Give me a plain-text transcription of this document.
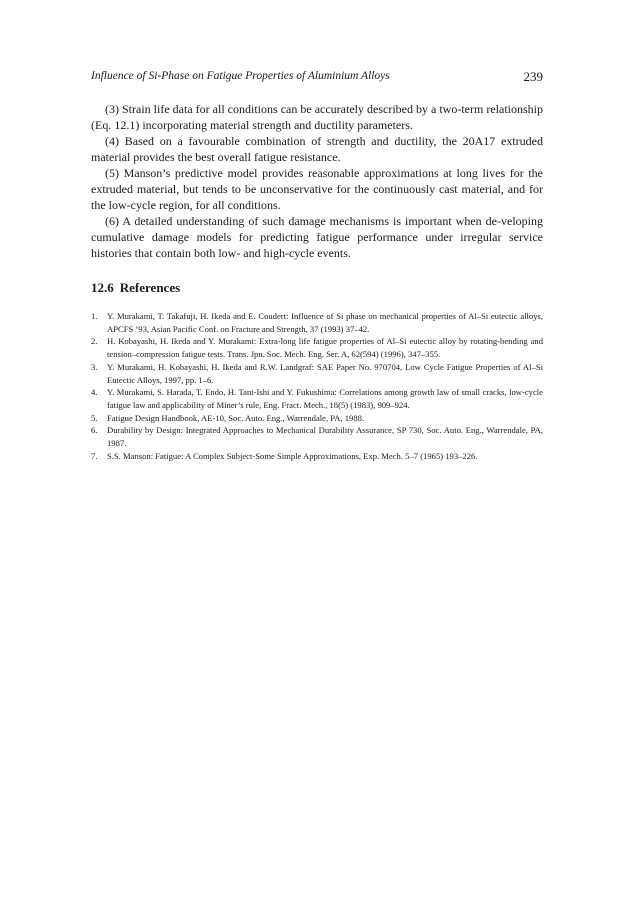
Influence of Si-Phase on Fatigue Properties of Aluminium Alloys	239

(3) Strain life data for all conditions can be accurately described by a two-term relationship (Eq. 12.1) incorporating material strength and ductility parameters.

(4) Based on a favourable combination of strength and ductility, the 20A17 extruded material provides the best overall fatigue resistance.

(5) Manson’s predictive model provides reasonable approximations at long lives for the extruded material, but tends to be unconservative for the continuously cast material, and for the low-cycle region, for all conditions.

(6) A detailed understanding of such damage mechanisms is important when de-veloping cumulative damage models for predicting fatigue performance under irregular service histories that contain both low- and high-cycle events.

12.6 References
1. Y. Murakami, T. Takafuji, H. Ikeda and E. Coudert: Influence of Si phase on mechanical properties of Al–Si eutectic alloys, APCFS ’93, Asian Pacific Conf. on Fracture and Strength, 37 (1993) 37–42.
2. H. Kobayashi, H. Ikeda and Y. Murakami: Extra-long life fatigue properties of Al–Si eutectic alloy by rotating-bending and tension–compression fatigue tests. Trans. Jpn. Soc. Mech. Eng. Ser. A, 62(594) (1996), 347–355.
3. Y. Murakami, H. Kobayashi, H. Ikeda and R.W. Landgraf: SAE Paper No. 970704, Low Cycle Fatigue Properties of Al–Si Eutectic Alloys, 1997, pp. 1–6.
4. Y. Murakami, S. Harada, T. Endo, H. Tani-Ishi and Y. Fukushima: Correlations among growth law of small cracks, low-cycle fatigue law and applicability of Miner’s rule, Eng. Fract. Mech., 18(5) (1983), 909–924.
5. Fatigue Design Handbook, AE-10, Soc. Auto. Eng., Warrendale, PA, 1988.
6. Durability by Design: Integrated Approaches to Mechanical Durability Assurance, SP 730, Soc. Auto. Eng., Warrendale, PA, 1987.
7. S.S. Manson: Fatigue: A Complex Subject-Some Simple Approximations, Exp. Mech. 5–7 (1965) 193–226.
